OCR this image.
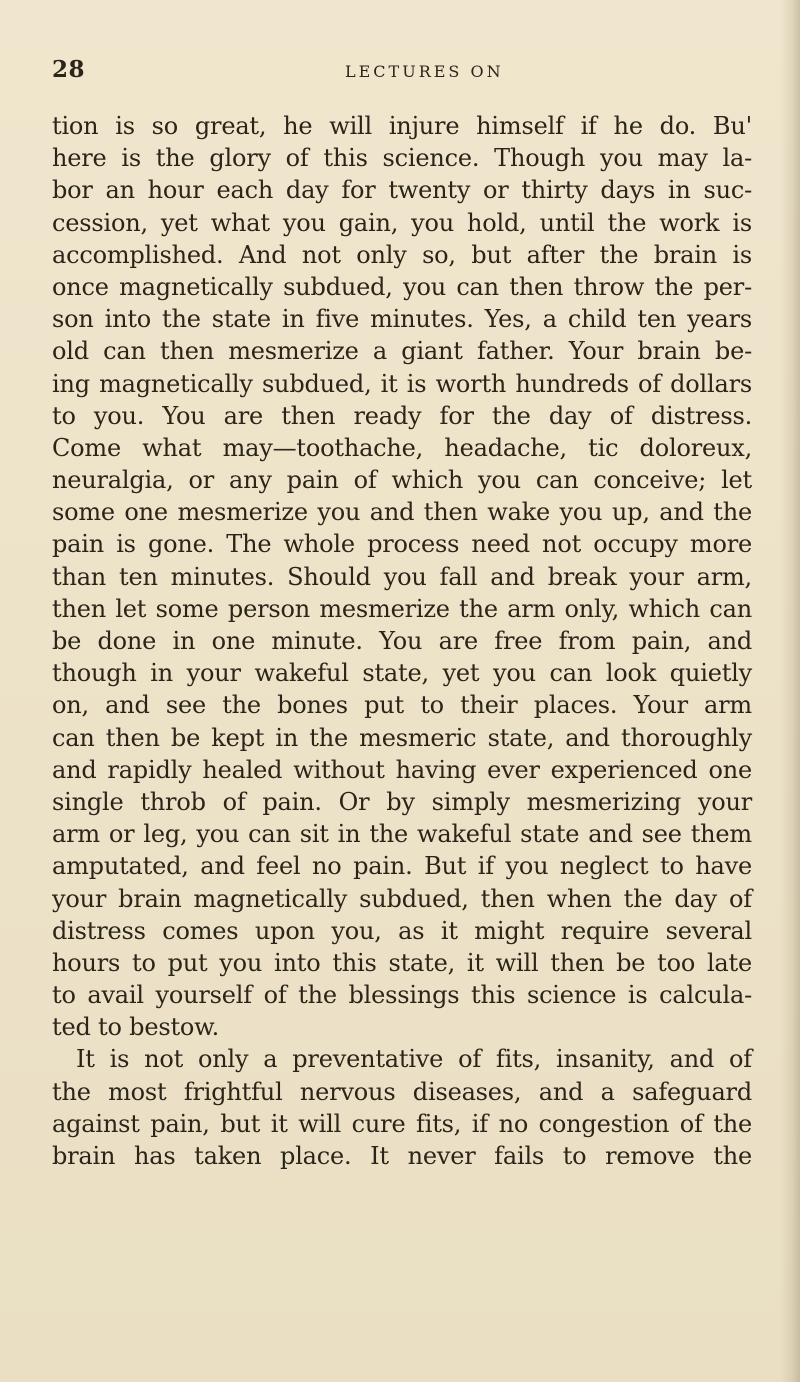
28	LECTURES ON
tion is so great, he will injure himself if he do. Bu'
here is the glory of this science. Though you may la-
bor an hour each day for twenty or thirty days in suc-
cession, yet what you gain, you hold, until the work is
accomplished. And not only so, but after the brain is
once magnetically subdued, you can then throw the per-
son into the state in five minutes. Yes, a child ten years
old can then mesmerize a giant father. Your brain be-
ing magnetically subdued, it is worth hundreds of dollars
to you. You are then ready for the day of distress.
Come what may—toothache, headache, tic doloreux,
neuralgia, or any pain of which you can conceive; let
some one mesmerize you and then wake you up, and the
pain is gone. The whole process need not occupy more
than ten minutes. Should you fall and break your arm,
then let some person mesmerize the arm only, which can
be done in one minute. You are free from pain, and
though in your wakeful state, yet you can look quietly
on, and see the bones put to their places. Your arm
can then be kept in the mesmeric state, and thoroughly
and rapidly healed without having ever experienced one
single throb of pain. Or by simply mesmerizing your
arm or leg, you can sit in the wakeful state and see them
amputated, and feel no pain. But if you neglect to have
your brain magnetically subdued, then when the day of
distress comes upon you, as it might require several
hours to put you into this state, it will then be too late
to avail yourself of the blessings this science is calcula-
ted to bestow.
It is not only a preventative of fits, insanity, and of
the most frightful nervous diseases, and a safeguard
against pain, but it will cure fits, if no congestion of the
brain has taken place. It never fails to remove the
